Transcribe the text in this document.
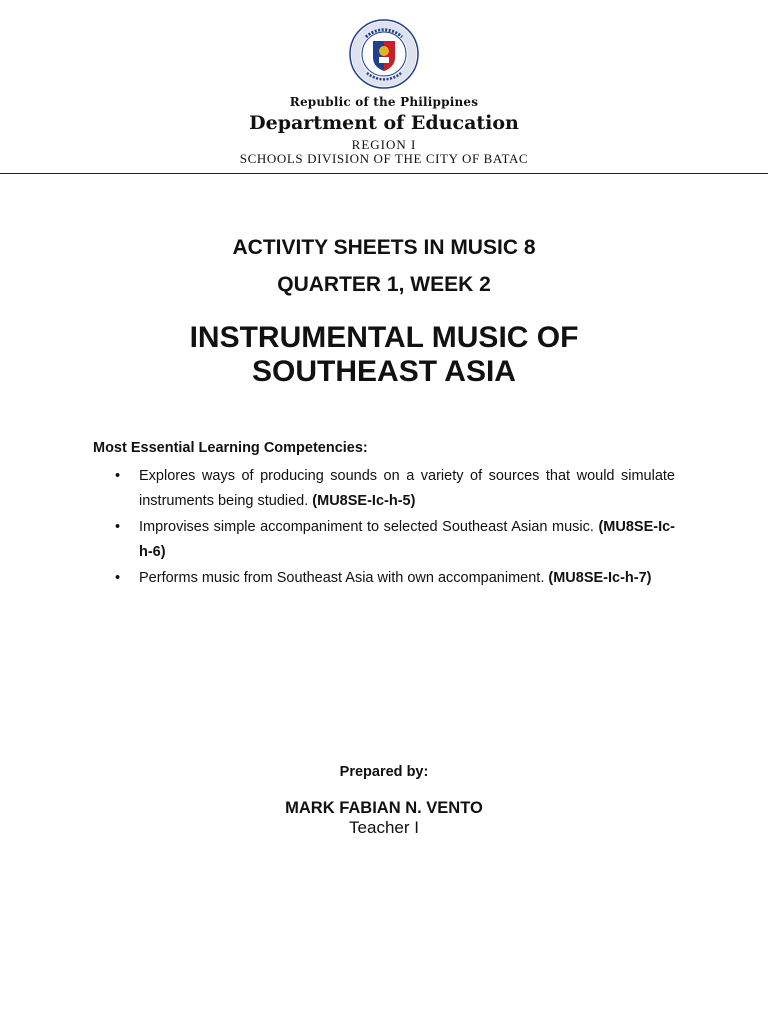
Republic of the Philippines
Department of Education
REGION I
SCHOOLS DIVISION OF THE CITY OF BATAC
ACTIVITY SHEETS IN MUSIC 8
QUARTER 1, WEEK 2
INSTRUMENTAL MUSIC OF
SOUTHEAST ASIA
Most Essential Learning Competencies:
• Explores ways of producing sounds on a variety of sources that would simulate instruments being studied. (MU8SE-Ic-h-5)
• Improvises simple accompaniment to selected Southeast Asian music. (MU8SE-Ic-h-6)
• Performs music from Southeast Asia with own accompaniment. (MU8SE-Ic-h-7)
Prepared by:
MARK FABIAN N. VENTO
Teacher I
